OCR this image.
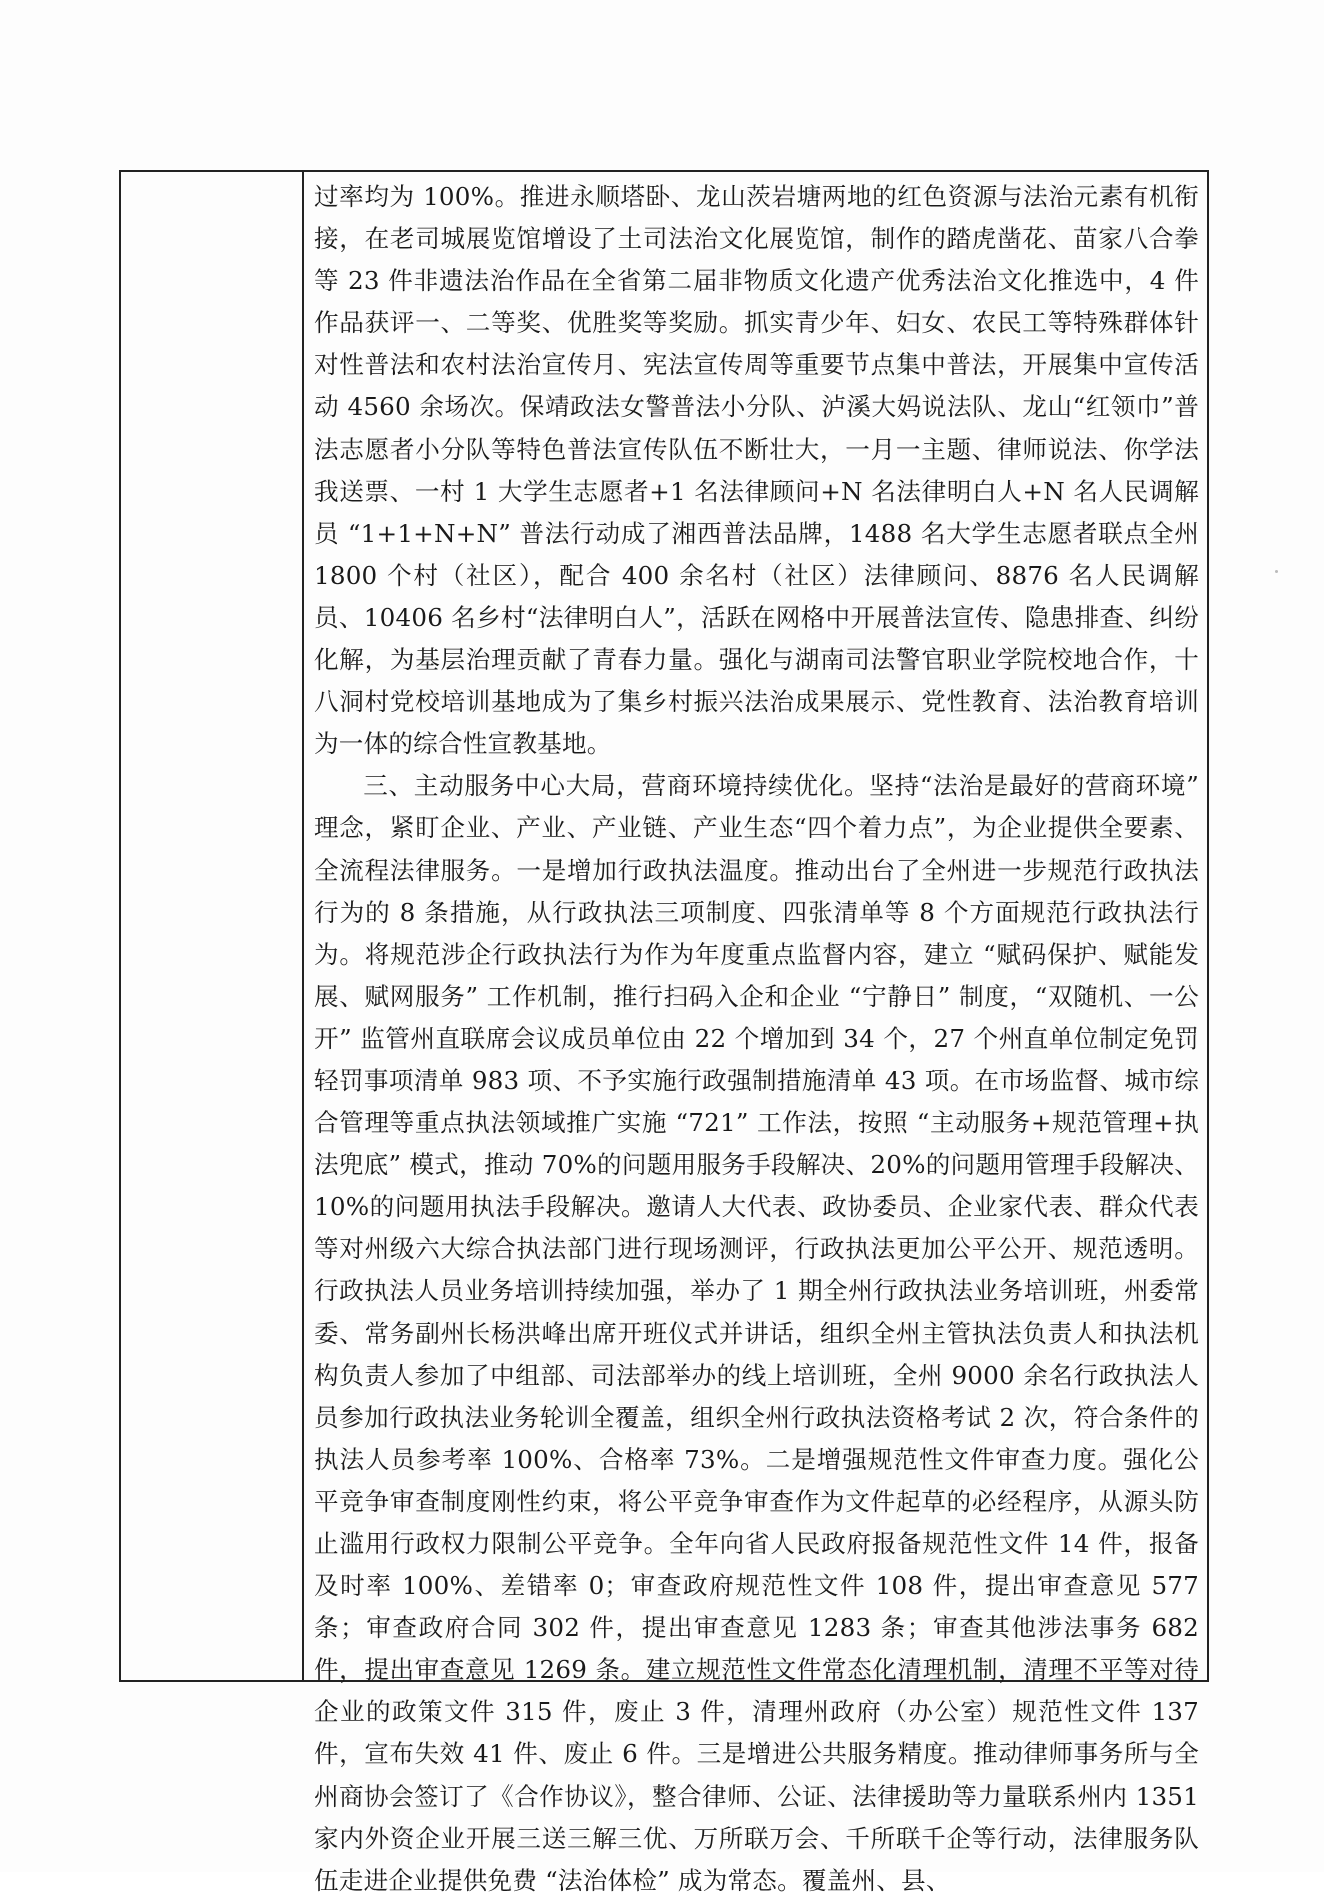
过率均为 100%。推进永顺塔卧、龙山茨岩塘两地的红色资源与法治元素有机衔接，在老司城展览馆增设了土司法治文化展览馆，制作的踏虎凿花、苗家八合拳等 23 件非遗法治作品在全省第二届非物质文化遗产优秀法治文化推选中，4 件作品获评一、二等奖、优胜奖等奖励。抓实青少年、妇女、农民工等特殊群体针对性普法和农村法治宣传月、宪法宣传周等重要节点集中普法，开展集中宣传活动 4560 余场次。保靖政法女警普法小分队、泸溪大妈说法队、龙山“红领巾”普法志愿者小分队等特色普法宣传队伍不断壮大，一月一主题、律师说法、你学法我送票、一村 1 大学生志愿者+1 名法律顾问+N 名法律明白人+N 名人民调解员 “1+1+N+N” 普法行动成了湘西普法品牌，1488 名大学生志愿者联点全州 1800 个村（社区），配合 400 余名村（社区）法律顾问、8876 名人民调解员、10406 名乡村“法律明白人”，活跃在网格中开展普法宣传、隐患排查、纠纷化解，为基层治理贡献了青春力量。强化与湖南司法警官职业学院校地合作，十八洞村党校培训基地成为了集乡村振兴法治成果展示、党性教育、法治教育培训为一体的综合性宣教基地。

三、主动服务中心大局，营商环境持续优化。坚持“法治是最好的营商环境” 理念，紧盯企业、产业、产业链、产业生态“四个着力点”，为企业提供全要素、全流程法律服务。一是增加行政执法温度。推动出台了全州进一步规范行政执法行为的 8 条措施，从行政执法三项制度、四张清单等 8 个方面规范行政执法行为。将规范涉企行政执法行为作为年度重点监督内容，建立 “赋码保护、赋能发展、赋网服务” 工作机制，推行扫码入企和企业 “宁静日” 制度，“双随机、一公开” 监管州直联席会议成员单位由 22 个增加到 34 个，27 个州直单位制定免罚轻罚事项清单 983 项、不予实施行政强制措施清单 43 项。在市场监督、城市综合管理等重点执法领域推广实施 “721” 工作法，按照 “主动服务+规范管理+执法兜底” 模式，推动 70%的问题用服务手段解决、20%的问题用管理手段解决、10%的问题用执法手段解决。邀请人大代表、政协委员、企业家代表、群众代表等对州级六大综合执法部门进行现场测评，行政执法更加公平公开、规范透明。行政执法人员业务培训持续加强，举办了 1 期全州行政执法业务培训班，州委常委、常务副州长杨洪峰出席开班仪式并讲话，组织全州主管执法负责人和执法机构负责人参加了中组部、司法部举办的线上培训班，全州 9000 余名行政执法人员参加行政执法业务轮训全覆盖，组织全州行政执法资格考试 2 次，符合条件的执法人员参考率 100%、合格率 73%。二是增强规范性文件审查力度。强化公平竞争审查制度刚性约束，将公平竞争审查作为文件起草的必经程序，从源头防止滥用行政权力限制公平竞争。全年向省人民政府报备规范性文件 14 件，报备及时率 100%、差错率 0；审查政府规范性文件 108 件，提出审查意见 577 条；审查政府合同 302 件，提出审查意见 1283 条；审查其他涉法事务 682 件，提出审查意见 1269 条。建立规范性文件常态化清理机制，清理不平等对待企业的政策文件 315 件，废止 3 件，清理州政府（办公室）规范性文件 137 件，宣布失效 41 件、废止 6 件。三是增进公共服务精度。推动律师事务所与全州商协会签订了《合作协议》，整合律师、公证、法律援助等力量联系州内 1351 家内外资企业开展三送三解三优、万所联万会、千所联千企等行动，法律服务队伍走进企业提供免费 “法治体检” 成为常态。覆盖州、县、
